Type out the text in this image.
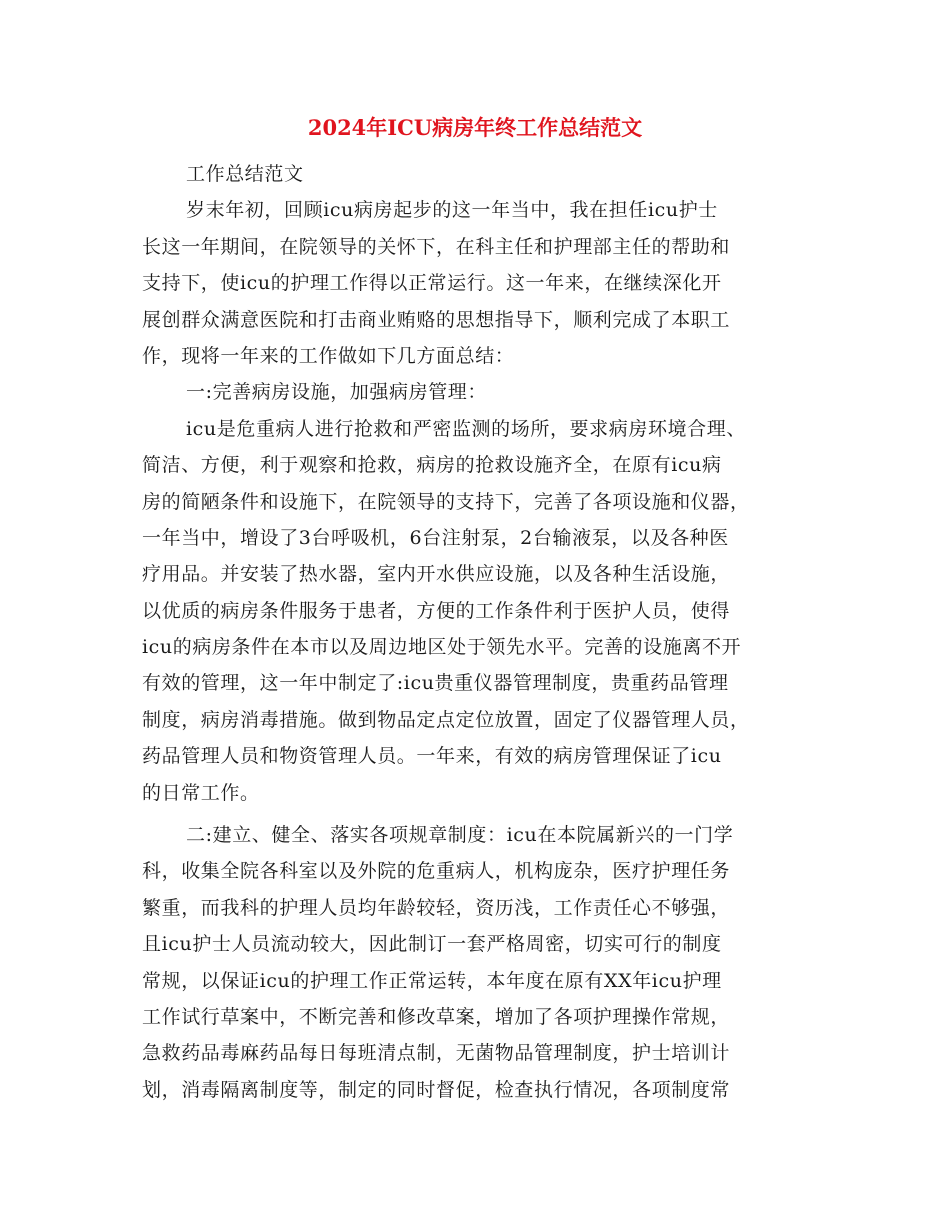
2024年ICU病房年终工作总结范文
工作总结范文
岁末年初，回顾icu病房起步的这一年当中，我在担任icu护士
长这一年期间，在院领导的关怀下，在科主任和护理部主任的帮助和
支持下，使icu的护理工作得以正常运行。这一年来，在继续深化开
展创群众满意医院和打击商业贿赂的思想指导下，顺利完成了本职工
作，现将一年来的工作做如下几方面总结：
一:完善病房设施，加强病房管理：
icu是危重病人进行抢救和严密监测的场所，要求病房环境合理、
简洁、方便，利于观察和抢救，病房的抢救设施齐全，在原有icu病
房的简陋条件和设施下，在院领导的支持下，完善了各项设施和仪器，
一年当中，增设了3台呼吸机，6台注射泵，2台输液泵，以及各种医
疗用品。并安装了热水器，室内开水供应设施，以及各种生活设施，
以优质的病房条件服务于患者，方便的工作条件利于医护人员，使得
icu的病房条件在本市以及周边地区处于领先水平。完善的设施离不开
有效的管理，这一年中制定了:icu贵重仪器管理制度，贵重药品管理
制度，病房消毒措施。做到物品定点定位放置，固定了仪器管理人员，
药品管理人员和物资管理人员。一年来，有效的病房管理保证了icu
的日常工作。
二:建立、健全、落实各项规章制度：icu在本院属新兴的一门学
科，收集全院各科室以及外院的危重病人，机构庞杂，医疗护理任务
繁重，而我科的护理人员均年龄较轻，资历浅，工作责任心不够强，
且icu护士人员流动较大，因此制订一套严格周密，切实可行的制度
常规，以保证icu的护理工作正常运转，本年度在原有XX年icu护理
工作试行草案中，不断完善和修改草案，增加了各项护理操作常规，
急救药品毒麻药品每日每班清点制，无菌物品管理制度，护士培训计
划，消毒隔离制度等，制定的同时督促，检查执行情况，各项制度常
